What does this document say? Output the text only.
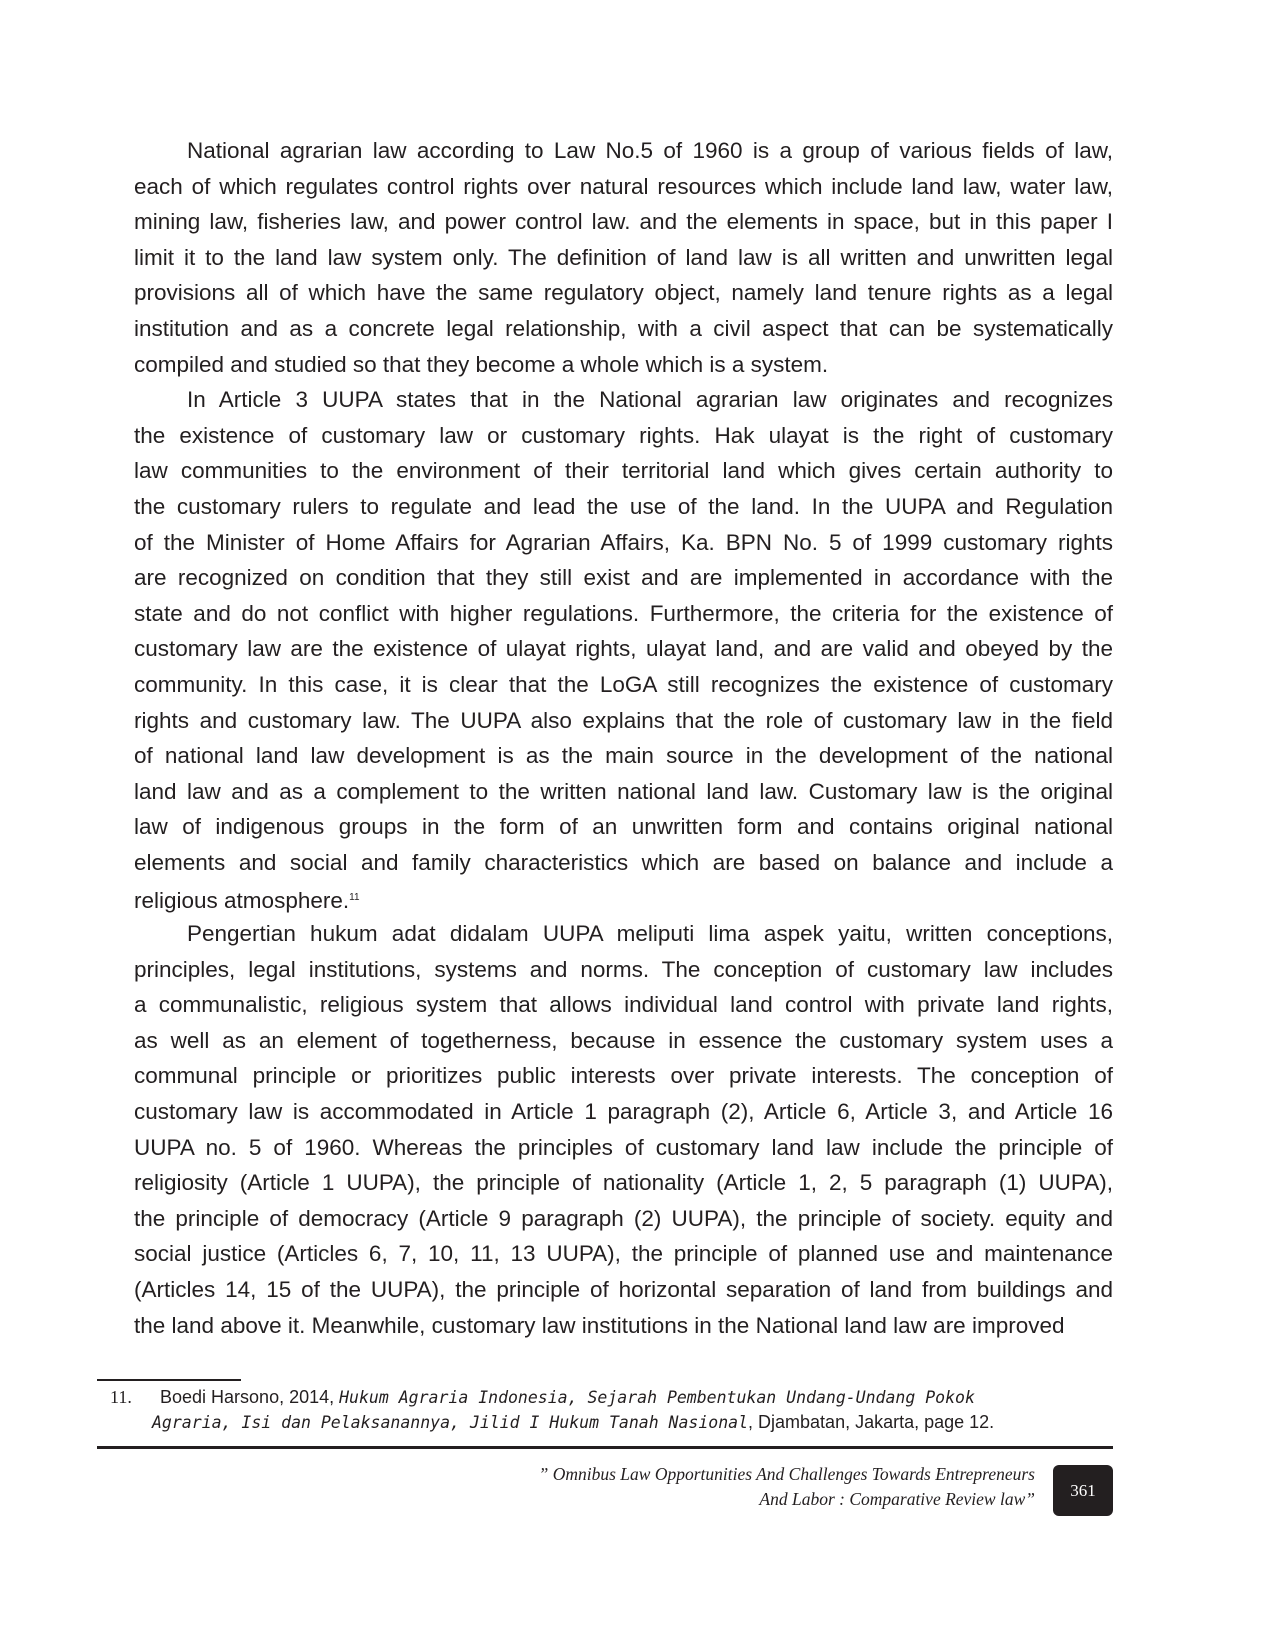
National agrarian law according to Law No.5 of 1960 is a group of various fields of law,
each of which regulates control rights over natural resources which include land law, water law,
mining law, fisheries law, and power control law. and the elements in space, but in this paper I
limit it to the land law system only. The definition of land law is all written and unwritten legal
provisions all of which have the same regulatory object, namely land tenure rights as a legal
institution and as a concrete legal relationship, with a civil aspect that can be systematically
compiled and studied so that they become a whole which is a system.
In Article 3 UUPA states that in the National agrarian law originates and recognizes
the existence of customary law or customary rights. Hak ulayat is the right of customary
law communities to the environment of their territorial land which gives certain authority to
the customary rulers to regulate and lead the use of the land. In the UUPA and Regulation
of the Minister of Home Affairs for Agrarian Affairs, Ka. BPN No. 5 of 1999 customary rights
are recognized on condition that they still exist and are implemented in accordance with the
state and do not conflict with higher regulations. Furthermore, the criteria for the existence of
customary law are the existence of ulayat rights, ulayat land, and are valid and obeyed by the
community. In this case, it is clear that the LoGA still recognizes the existence of customary
rights and customary law. The UUPA also explains that the role of customary law in the field
of national land law development is as the main source in the development of the national
land law and as a complement to the written national land law. Customary law is the original
law of indigenous groups in the form of an unwritten form and contains original national
elements and social and family characteristics which are based on balance and include a
religious atmosphere.$^{11}$
Pengertian hukum adat didalam UUPA meliputi lima aspek yaitu, written conceptions,
principles, legal institutions, systems and norms. The conception of customary law includes
a communalistic, religious system that allows individual land control with private land rights,
as well as an element of togetherness, because in essence the customary system uses a
communal principle or prioritizes public interests over private interests. The conception of
customary law is accommodated in Article 1 paragraph (2), Article 6, Article 3, and Article 16
UUPA no. 5 of 1960. Whereas the principles of customary land law include the principle of
religiosity (Article 1 UUPA), the principle of nationality (Article 1, 2, 5 paragraph (1) UUPA),
the principle of democracy (Article 9 paragraph (2) UUPA), the principle of society. equity and
social justice (Articles 6, 7, 10, 11, 13 UUPA), the principle of planned use and maintenance
(Articles 14, 15 of the UUPA), the principle of horizontal separation of land from buildings and
the land above it. Meanwhile, customary law institutions in the National land law are improved
11. Boedi Harsono, 2014, Hukum Agraria Indonesia, Sejarah Pembentukan Undang-Undang Pokok
Agraria, Isi dan Pelaksanannya, Jilid I Hukum Tanah Nasional, Djambatan, Jakarta, page 12.
” Omnibus Law Opportunities And Challenges Towards Entrepreneurs
And Labor : Comparative Review law”	361
